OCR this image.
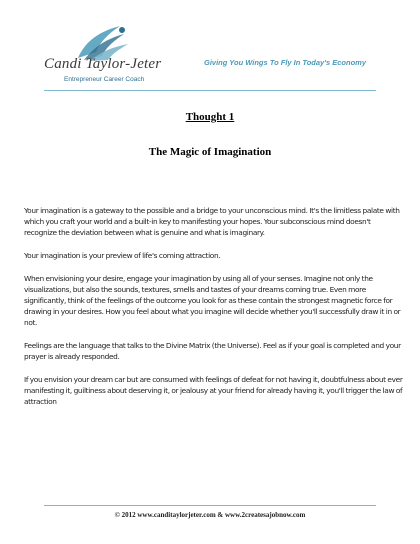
Candi Taylor-Jeter
Entrepreneur Career Coach
Giving You Wings To Fly In Today's Economy
Thought 1
The Magic of Imagination

Your imagination is a gateway to the possible and a bridge to your unconscious mind. It's the limitless palate with which you craft your world and a built-in key to manifesting your hopes. Your subconscious mind doesn't recognize the deviation between what is genuine and what is imaginary.

Your imagination is your preview of life's coming attraction.

When envisioning your desire, engage your imagination by using all of your senses. Imagine not only the visualizations, but also the sounds, textures, smells and tastes of your dreams coming true. Even more significantly, think of the feelings of the outcome you look for as these contain the strongest magnetic force for drawing in your desires. How you feel about what you imagine will decide whether you'll successfully draw it in or not.

Feelings are the language that talks to the Divine Matrix (the Universe). Feel as if your goal is completed and your prayer is already responded.

If you envision your dream car but are consumed with feelings of defeat for not having it, doubtfulness about ever manifesting it, guiltiness about deserving it, or jealousy at your friend for already having it, you'll trigger the law of attraction

© 2012 www.canditaylorjeter.com & www.2createsajobnow.com
